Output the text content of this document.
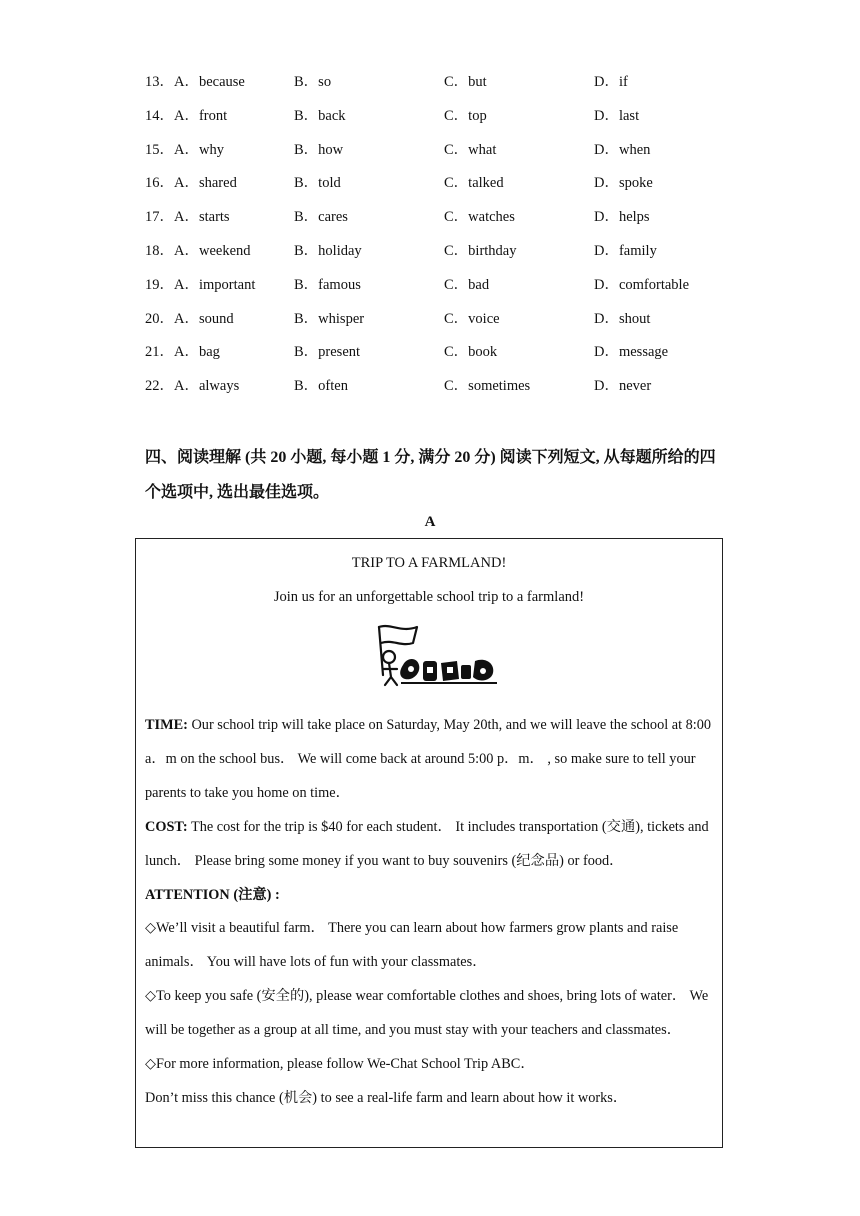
13．A．because	B．so	C．but	D．if
14．A．front	B．back	C．top	D．last
15．A．why	B．how	C．what	D．when
16．A．shared	B．told	C．talked	D．spoke
17．A．starts	B．cares	C．watches	D．helps
18．A．weekend	B．holiday	C．birthday	D．family
19．A．important	B．famous	C．bad	D．comfortable
20．A．sound	B．whisper	C．voice	D．shout
21．A．bag	B．present	C．book	D．message
22．A．always	B．often	C．sometimes	D．never

四、阅读理解 (共 20 小题, 每小题 1 分, 满分 20 分) 阅读下列短文, 从每题所给的四个选项中, 选出最佳选项。

A
TRIP TO A FARMLAND!
Join us for an unforgettable school trip to a farmland!

TIME: Our school trip will take place on Saturday, May 20th, and we will leave the school at 8:00 a．m on the school bus． We will come back at around 5:00 p．m． , so make sure to tell your parents to take you home on time．

COST: The cost for the trip is $40 for each student． It includes transportation (交通), tickets and lunch． Please bring some money if you want to buy souvenirs (纪念品) or food．

ATTENTION (注意) :

◇We’ll visit a beautiful farm． There you can learn about how farmers grow plants and raise animals． You will have lots of fun with your classmates．

◇To keep you safe (安全的), please wear comfortable clothes and shoes, bring lots of water． We will be together as a group at all time, and you must stay with your teachers and classmates．

◇For more information, please follow We-Chat School Trip ABC．

Don’t miss this chance (机会) to see a real-life farm and learn about how it works．
